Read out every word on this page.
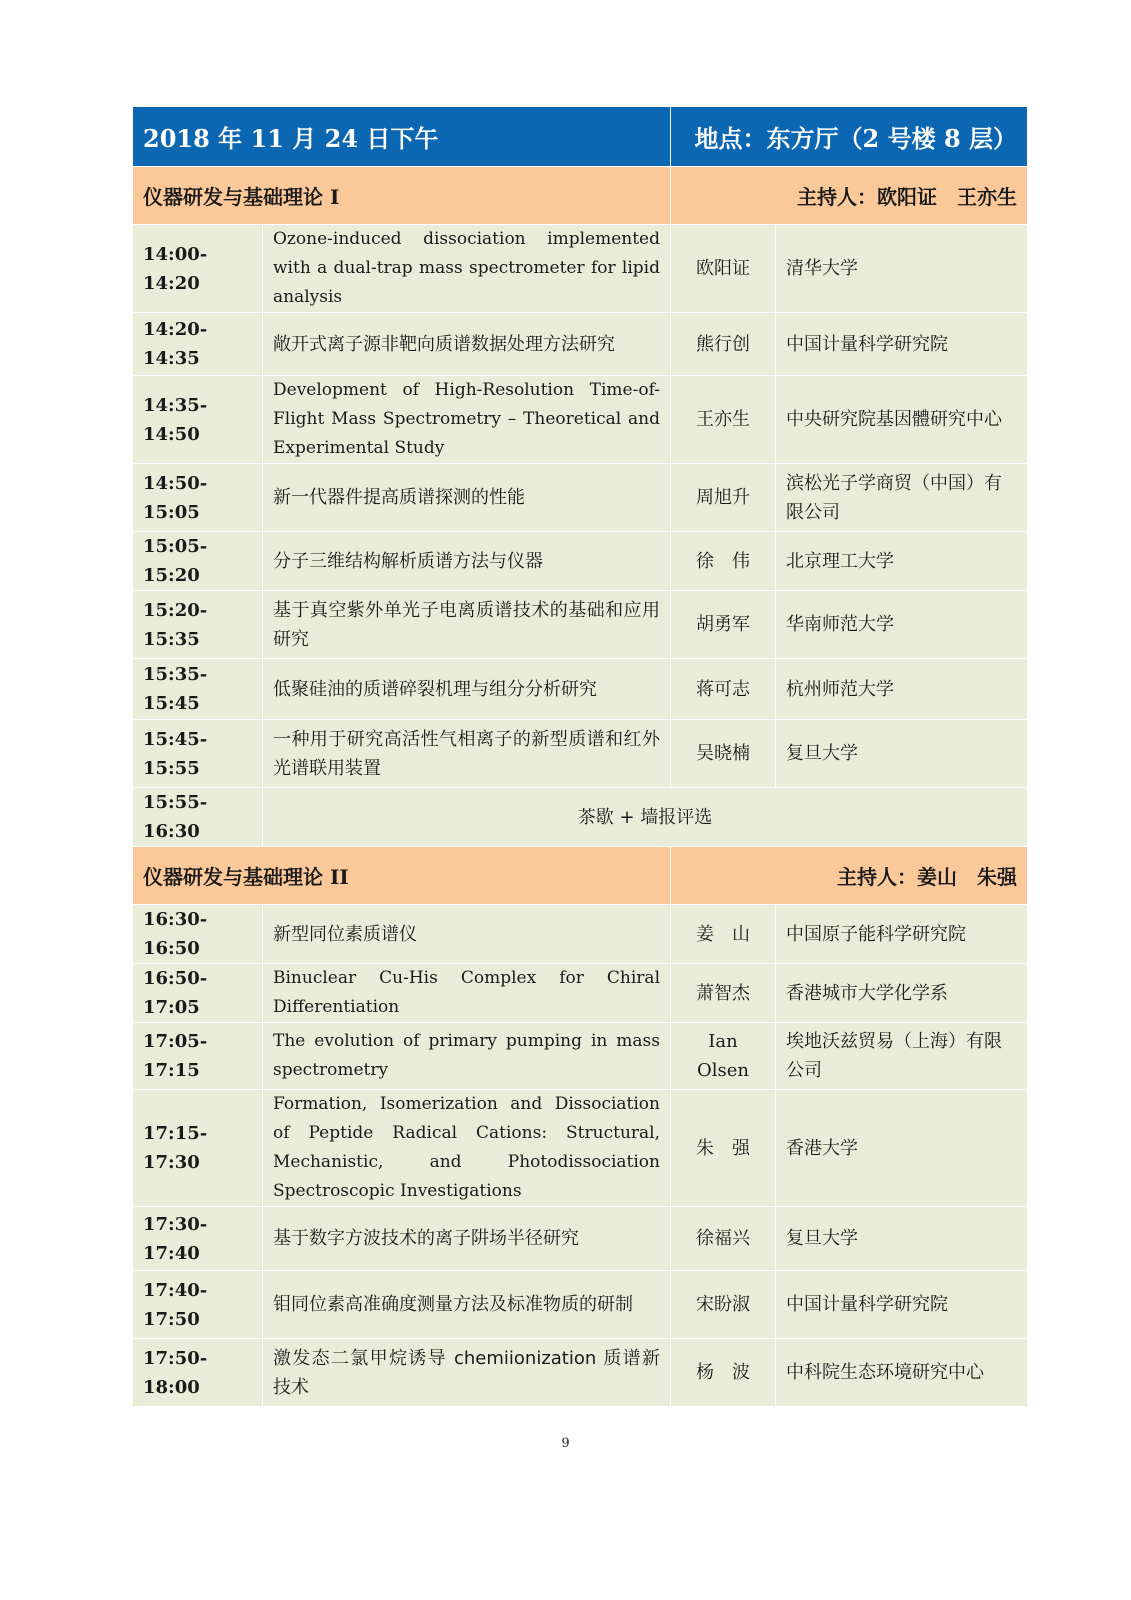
2018 年 11 月 24 日下午		地点：东方厅（2 号楼 8 层）	
仪器研发与基础理论 I		主持人：欧阳证　王亦生	
14:00-14:20	Ozone-induced dissociation implemented with a dual-trap mass spectrometer for lipid analysis	欧阳证	清华大学
14:20-14:35	敞开式离子源非靶向质谱数据处理方法研究	熊行创	中国计量科学研究院
14:35-14:50	Development of High-Resolution Time-of-Flight Mass Spectrometry – Theoretical and Experimental Study	王亦生	中央研究院基因體研究中心
14:50-15:05	新一代器件提高质谱探测的性能	周旭升	滨松光子学商贸（中国）有限公司
15:05-15:20	分子三维结构解析质谱方法与仪器	徐　伟	北京理工大学
15:20-15:35	基于真空紫外单光子电离质谱技术的基础和应用研究	胡勇军	华南师范大学
15:35-15:45	低聚硅油的质谱碎裂机理与组分分析研究	蒋可志	杭州师范大学
15:45-15:55	一种用于研究高活性气相离子的新型质谱和红外光谱联用装置	吴晓楠	复旦大学
15:55-16:30	茶歇 + 墙报评选		
仪器研发与基础理论 II		主持人：姜山　朱强	
16:30-16:50	新型同位素质谱仪	姜　山	中国原子能科学研究院
16:50-17:05	Binuclear Cu-His Complex for Chiral Differentiation	萧智杰	香港城市大学化学系
17:05-17:15	The evolution of primary pumping in mass spectrometry	Ian Olsen	埃地沃兹贸易（上海）有限公司
17:15-17:30	Formation, Isomerization and Dissociation of Peptide Radical Cations: Structural, Mechanistic, and Photodissociation Spectroscopic Investigations	朱　强	香港大学
17:30-17:40	基于数字方波技术的离子阱场半径研究	徐福兴	复旦大学
17:40-17:50	钼同位素高准确度测量方法及标准物质的研制	宋盼淑	中国计量科学研究院
17:50-18:00	激发态二氯甲烷诱导 chemiionization 质谱新技术	杨　波	中科院生态环境研究中心
9
